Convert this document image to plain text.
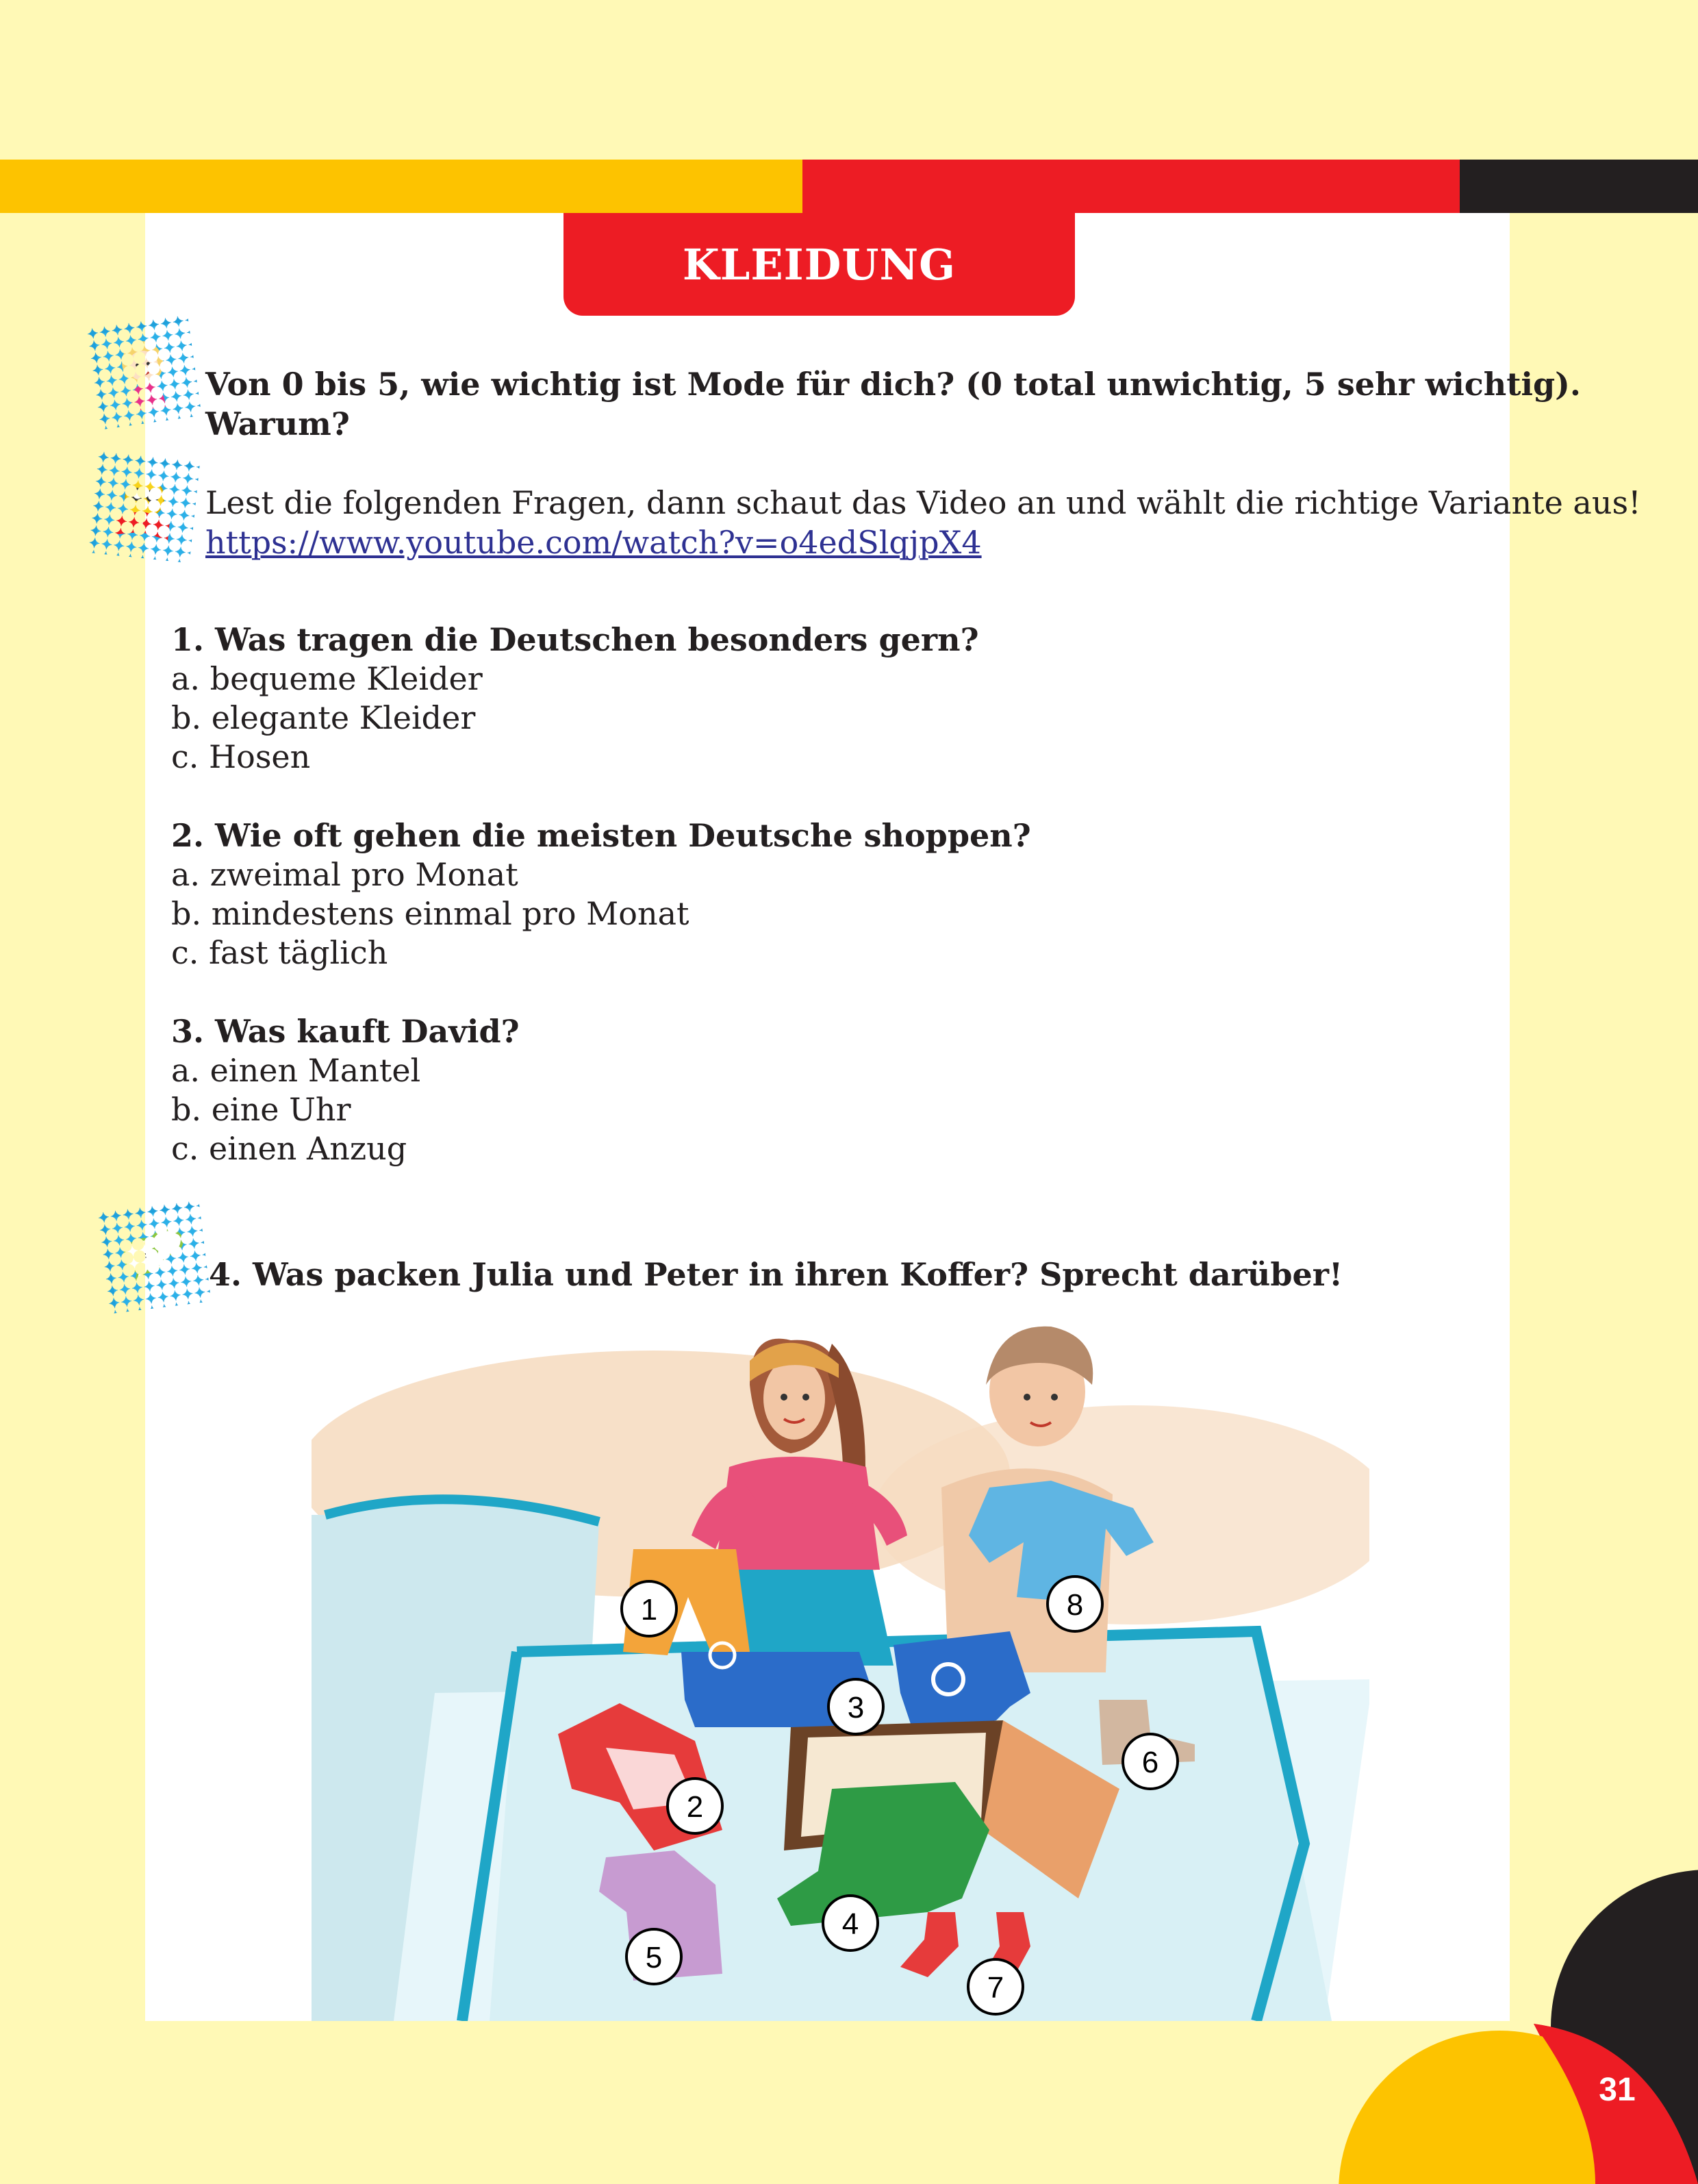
KLEIDUNG
Von 0 bis 5, wie wichtig ist Mode für dich? (0 total unwichtig, 5 sehr wichtig).
Warum?
Lest die folgenden Fragen, dann schaut das Video an und wählt die richtige Variante aus!
https://www.youtube.com/watch?v=o4edSlqjpX4
1. Was tragen die Deutschen besonders gern?
a. bequeme Kleider
b. elegante Kleider
c. Hosen
2. Wie oft gehen die meisten Deutsche shoppen?
a. zweimal pro Monat
b. mindestens einmal pro Monat
c. fast täglich
3. Was kauft David?
a. einen Mantel
b. eine Uhr
c. einen Anzug
4. Was packen Julia und Peter in ihren Koffer? Sprecht darüber!
1
2
3
4
5
6
7
8
31
